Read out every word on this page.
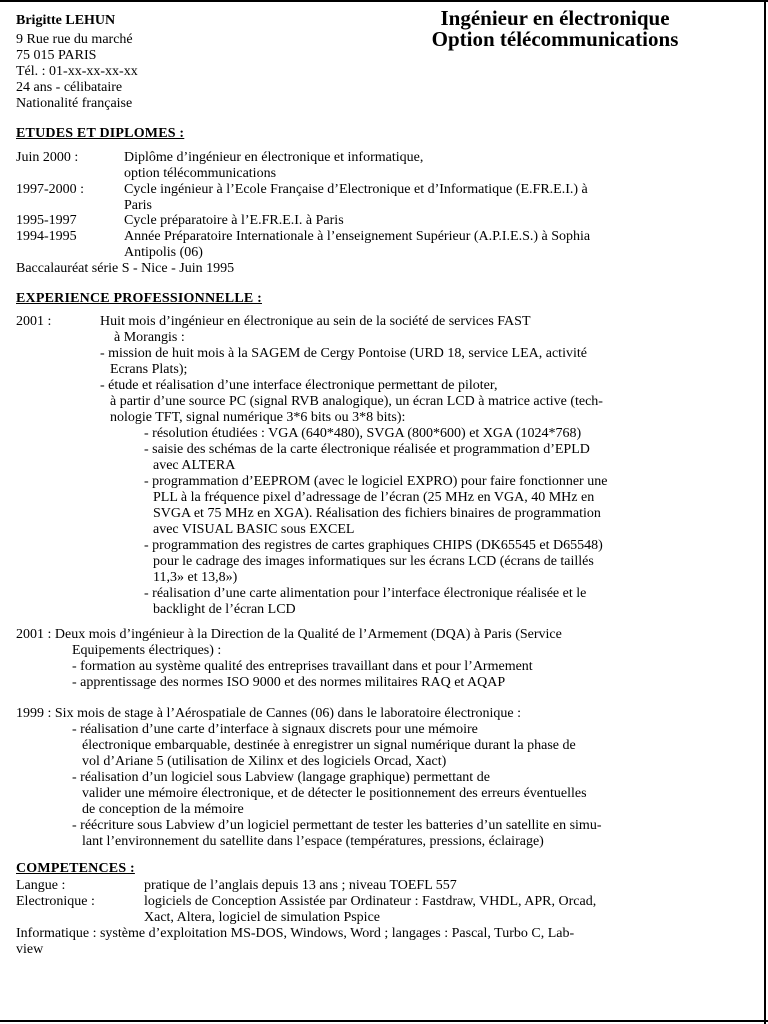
Brigitte LEHUN
9 Rue rue du marché
75 015 PARIS
Tél. : 01-xx-xx-xx-xx
24 ans - célibataire
Nationalité française
Ingénieur en électronique
Option télécommunications
ETUDES ET DIPLOMES :
Juin 2000 :	Diplôme d’ingénieur en électronique et informatique,
option télécommunications
1997-2000 :	Cycle ingénieur à l’Ecole Française d’Electronique et d’Informatique (E.FR.E.I.) à
Paris
1995-1997	Cycle préparatoire à l’E.FR.E.I. à Paris
1994-1995	Année Préparatoire Internationale à l’enseignement Supérieur (A.P.I.E.S.) à Sophia
Antipolis (06)
Baccalauréat série S - Nice - Juin 1995
EXPERIENCE PROFESSIONNELLE :
2001 :	Huit mois d’ingénieur en électronique au sein de la société de services FAST
à Morangis :
- mission de huit mois à la SAGEM de Cergy Pontoise (URD 18, service LEA, activité
Ecrans Plats);
- étude et réalisation d’une interface électronique permettant de piloter,
à partir d’une source PC (signal RVB analogique), un écran LCD à matrice active (tech-
nologie TFT, signal numérique 3*6 bits ou 3*8 bits):
- résolution étudiées : VGA (640*480), SVGA (800*600) et XGA (1024*768)
- saisie des schémas de la carte électronique réalisée et programmation d’EPLD
avec ALTERA
- programmation d’EEPROM (avec le logiciel EXPRO) pour faire fonctionner une
PLL à la fréquence pixel d’adressage de l’écran (25 MHz en VGA, 40 MHz en
SVGA et 75 MHz en XGA). Réalisation des fichiers binaires de programmation
avec VISUAL BASIC sous EXCEL
- programmation des registres de cartes graphiques CHIPS (DK65545 et D65548)
pour le cadrage des images informatiques sur les écrans LCD (écrans de taillés
11,3» et 13,8»)
- réalisation d’une carte alimentation pour l’interface électronique réalisée et le
backlight de l’écran LCD
2001 : Deux mois d’ingénieur à la Direction de la Qualité de l’Armement (DQA) à Paris (Service
Equipements électriques) :
- formation au système qualité des entreprises travaillant dans et pour l’Armement
- apprentissage des normes ISO 9000 et des normes militaires RAQ et AQAP
1999 : Six mois de stage à l’Aérospatiale de Cannes (06) dans le laboratoire électronique :
- réalisation d’une carte d’interface à signaux discrets pour une mémoire
électronique embarquable, destinée à enregistrer un signal numérique durant la phase de
vol d’Ariane 5 (utilisation de Xilinx et des logiciels Orcad, Xact)
- réalisation d’un logiciel sous Labview (langage graphique) permettant de
valider une mémoire électronique, et de détecter le positionnement des erreurs éventuelles
de conception de la mémoire
- réécriture sous Labview d’un logiciel permettant de tester les batteries d’un satellite en simu-
lant l’environnement du satellite dans l’espace (températures, pressions, éclairage)
COMPETENCES :
Langue :	pratique de l’anglais depuis 13 ans ; niveau TOEFL 557
Electronique :	logiciels de Conception Assistée par Ordinateur : Fastdraw, VHDL, APR, Orcad,
Xact, Altera, logiciel de simulation Pspice
Informatique : système d’exploitation MS-DOS, Windows, Word ; langages : Pascal, Turbo C, Lab-
view
